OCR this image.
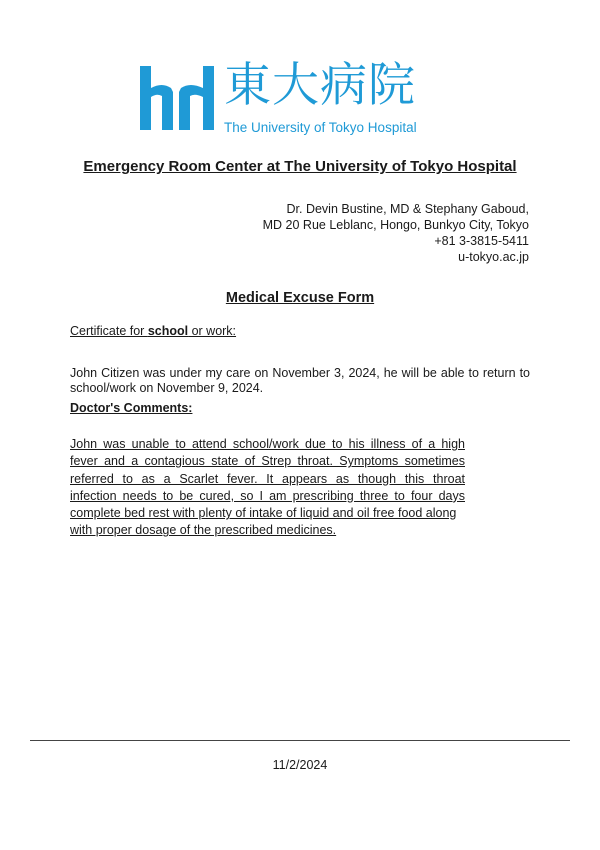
東大病院
The University of Tokyo Hospital
Emergency Room Center at The University of Tokyo Hospital
Dr. Devin Bustine, MD & Stephany Gaboud,
MD 20 Rue Leblanc, Hongo, Bunkyo City, Tokyo
+81 3-3815-5411
u-tokyo.ac.jp
Medical Excuse Form
Certificate for school or work:
John Citizen was under my care on November 3, 2024, he will be able to return to school/work on November 9, 2024.
Doctor's Comments:
John was unable to attend school/work due to his illness of a high
fever and a contagious state of Strep throat. Symptoms sometimes
referred to as a Scarlet fever. It appears as though this throat
infection needs to be cured, so I am prescribing three to four days
complete bed rest with plenty of intake of liquid and oil free food along
with proper dosage of the prescribed medicines.
11/2/2024
